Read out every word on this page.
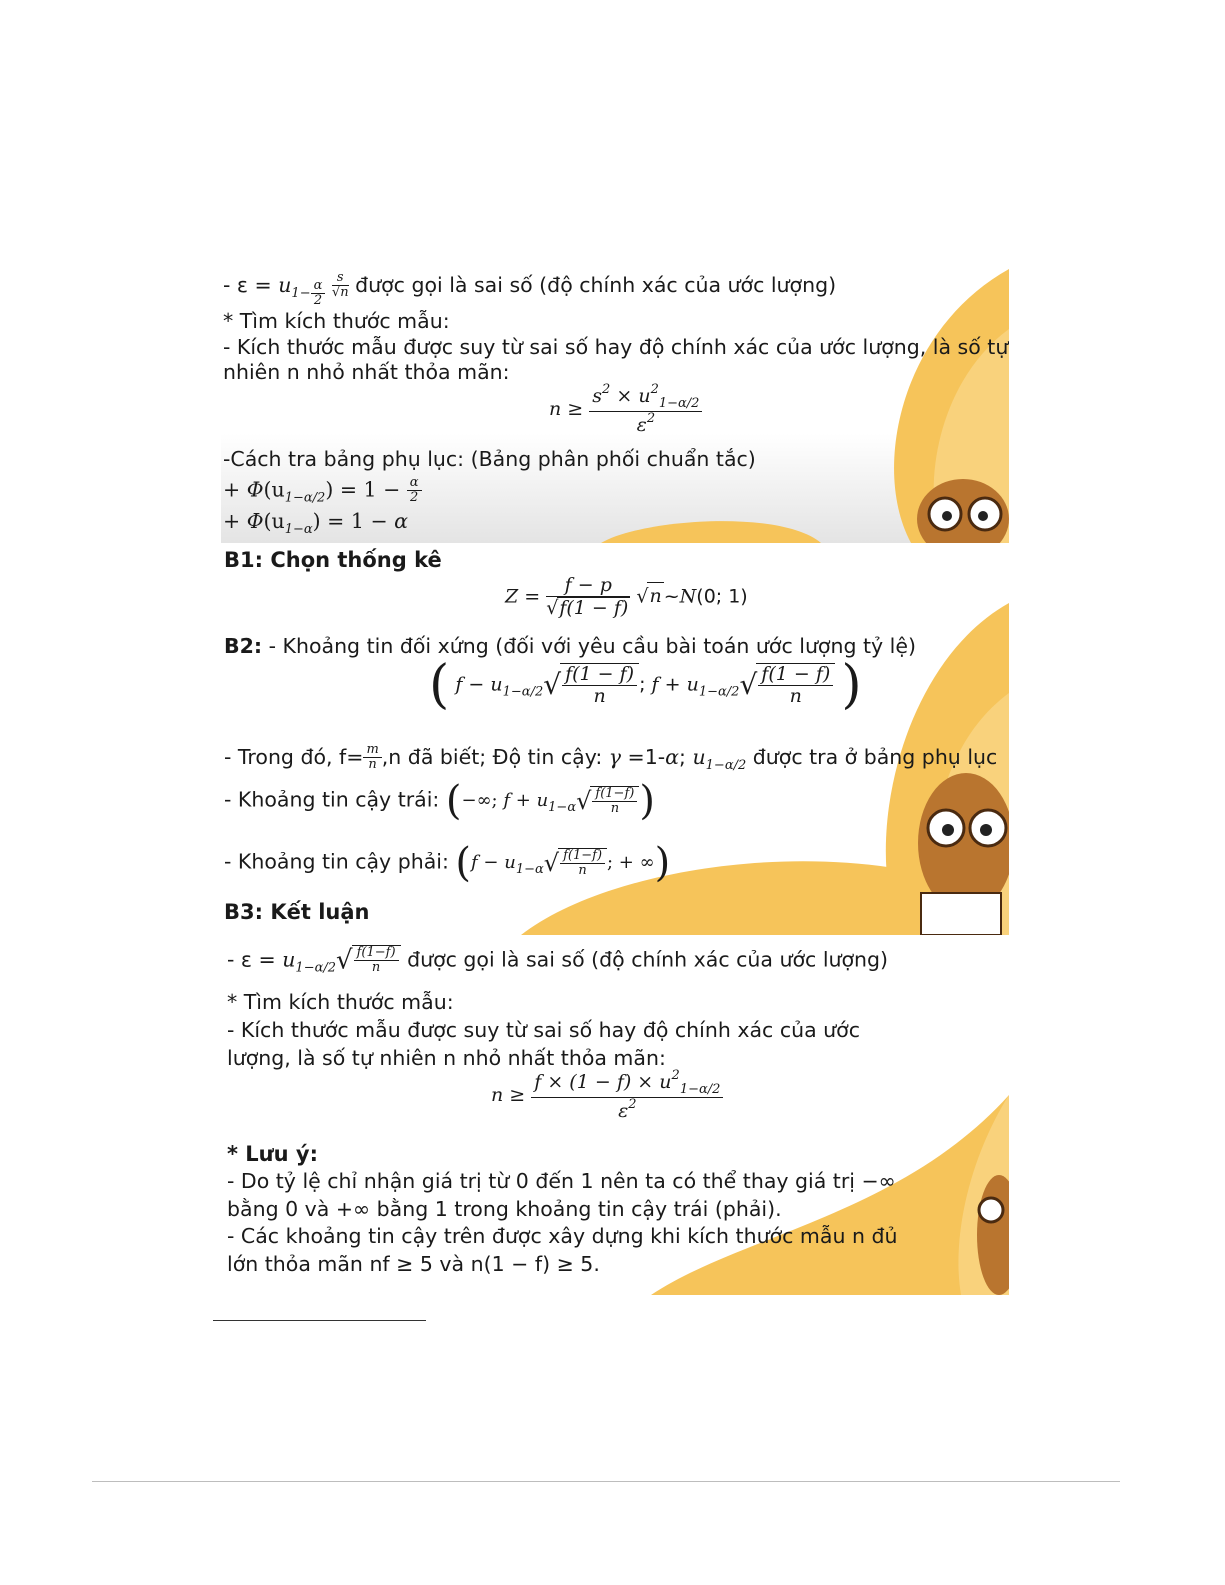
- $\varepsilon = u_{1- \frac{\alpha}{2}}$
$\frac{s}{√n}$ được gọi là sai số (độ chính xác của ước lượng)
* Tìm kích thước mẫu:
- Kích thước mẫu được suy từ sai số hay độ chính xác của ước lượng, là số tự
nhiên n nhỏ nhất thỏa mãn:
$n \ge \frac{s^2 \times u^2_{1-\alpha/2}}{\varepsilon^2}$
-Cách tra bảng phụ lục: (Bảng phân phối chuẩn tắc)
+ $\Phi(u_{1-\alpha/2}) = 1 - \frac{\alpha}{2}$
+ $\Phi(u_{1-\alpha}) = 1 - \alpha$
B1: Chọn thống kê
$Z = \frac{f - p}{√f(1 - f)} √n$ ~N(0; 1)
B2: - Khoảng tin đối xứng (đối với yêu cầu bài toán ước lượng tỷ lệ)
( $f - u_{1-\alpha/2}√ \frac{f(1 - f)}{n}$ ; $f + u_{1-\alpha/2}√ \frac{f(1 - f)}{n}$ )
- Trong đó, $f= \frac{m}{n} ,n$ đã biết; Độ tin cậy: γ =1-α; $u_{1-\alpha/2}$ được tra ở bảng phụ lục
- Khoảng tin cậy trái: (−∞; $f + u_{1-\alpha}√ \frac{f(1-f)}{n}$ )
- Khoảng tin cậy phải: ($f - u_{1-\alpha}√ \frac{f(1-f)}{n}$ ; + ∞)
B3: Kết luận
- $\varepsilon = u_{1-\alpha/2}√ \frac{f(1-f)}{n}$ được gọi là sai số (độ chính xác của ước lượng)
* Tìm kích thước mẫu:
- Kích thước mẫu được suy từ sai số hay độ chính xác của ước
lượng, là số tự nhiên n nhỏ nhất thỏa mãn:
$n \ge \frac{f \times (1 - f) \times u^2_{1-\alpha/2}}{\varepsilon^2}$
* Lưu ý:
- Do tỷ lệ chỉ nhận giá trị từ 0 đến 1 nên ta có thể thay giá trị −∞
bằng 0 và +∞ bằng 1 trong khoảng tin cậy trái (phải).
- Các khoảng tin cậy trên được xây dựng khi kích thước mẫu n đủ
lớn thỏa mãn nf ≥ 5 và n(1 − f) ≥ 5.
